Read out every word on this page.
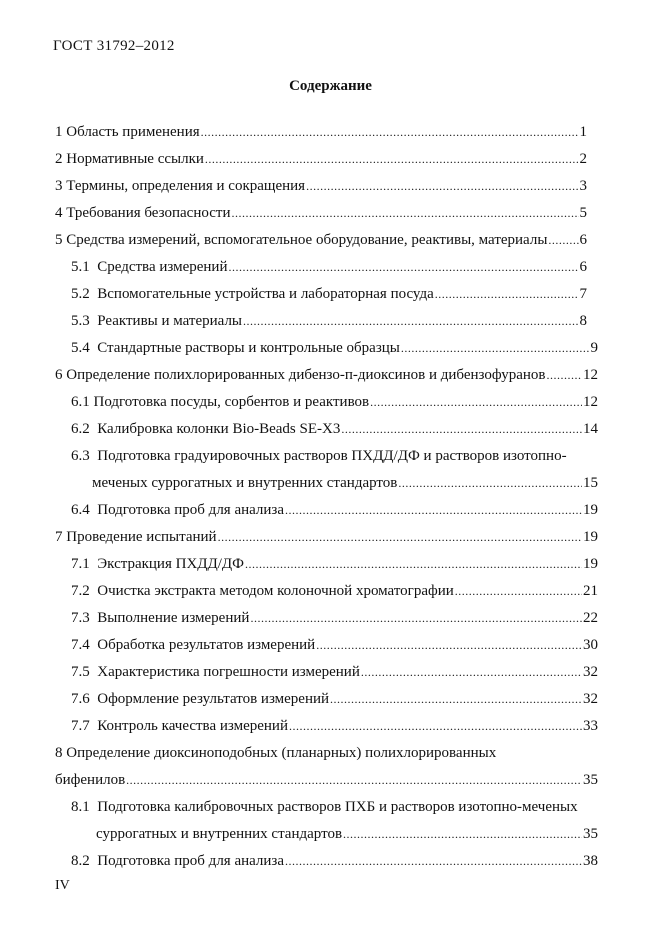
ГОСТ 31792–2012
Содержание
1 Область применения .....	1
2 Нормативные ссылки .....	2
3 Термины, определения и сокращения .....	3
4 Требования безопасности .....	5
5 Средства измерений, вспомогательное оборудование, реактивы, материалы ..... 6
5.1 Средства измерений .....	6
5.2 Вспомогательные устройства и лабораторная посуда .....	7
5.3 Реактивы и материалы .....	8
5.4 Стандартные растворы и контрольные образцы .....	9
6 Определение полихлорированных дибензо-п-диоксинов и дибензофуранов ..... 12
6.1 Подготовка посуды, сорбентов и реактивов .....	12
6.2 Калибровка колонки Bio-Beads SE-X3 .....	14
6.3 Подготовка градуировочных растворов ПХДД/ДФ и растворов изотопно-
меченых суррогатных и внутренних стандартов .....	15
6.4 Подготовка проб для анализа .....	19
7 Проведение испытаний .....	19
7.1 Экстракция ПХДД/ДФ .....	19
7.2 Очистка экстракта методом колоночной хроматографии .....	21
7.3 Выполнение измерений .....	22
7.4 Обработка результатов измерений .....	30
7.5 Характеристика погрешности измерений .....	32
7.6 Оформление результатов измерений .....	32
7.7 Контроль качества измерений .....	33
8 Определение диоксиноподобных (планарных) полихлорированных
бифенилов .....	35
8.1 Подготовка калибровочных растворов ПХБ и растворов изотопно-меченых
суррогатных и внутренних стандартов .....	35
8.2 Подготовка проб для анализа .....	38
IV
